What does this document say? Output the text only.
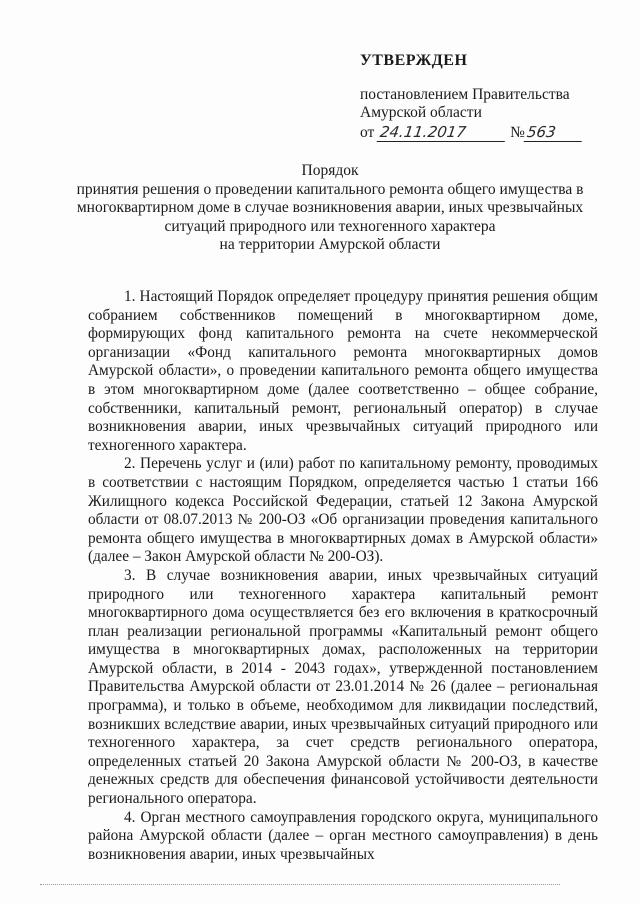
УТВЕРЖДЕН
постановлением Правительства
Амурской области
от 24.11.2017	№563
Порядок
принятия решения о проведении капитального ремонта общего имущества в
многоквартирном доме в случае возникновения аварии, иных чрезвычайных
ситуаций природного или техногенного характера
на территории Амурской области

1. Настоящий Порядок определяет процедуру принятия решения общим собранием собственников помещений в многоквартирном доме, формирующих фонд капитального ремонта на счете некоммерческой организации «Фонд капитального ремонта многоквартирных домов Амурской области», о проведении капитального ремонта общего имущества в этом многоквартирном доме (далее соответственно – общее собрание, собственники, капитальный ремонт, региональный оператор) в случае возникновения аварии, иных чрезвычайных ситуаций природного или техногенного характера.

2. Перечень услуг и (или) работ по капитальному ремонту, проводимых в соответствии с настоящим Порядком, определяется частью 1 статьи 166 Жилищного кодекса Российской Федерации, статьей 12 Закона Амурской области от 08.07.2013 № 200-ОЗ «Об организации проведения капитального ремонта общего имущества в многоквартирных домах в Амурской области» (далее – Закон Амурской области № 200-ОЗ).

3. В случае возникновения аварии, иных чрезвычайных ситуаций природного или техногенного характера капитальный ремонт многоквартирного дома осуществляется без его включения в краткосрочный план реализации региональной программы «Капитальный ремонт общего имущества в многоквартирных домах, расположенных на территории Амурской области, в 2014 - 2043 годах», утвержденной постановлением Правительства Амурской области от 23.01.2014 № 26 (далее – региональная программа), и только в объеме, необходимом для ликвидации последствий, возникших вследствие аварии, иных чрезвычайных ситуаций природного или техногенного характера, за счет средств регионального оператора, определенных статьей 20 Закона Амурской области № 200-ОЗ, в качестве денежных средств для обеспечения финансовой устойчивости деятельности регионального оператора.

4. Орган местного самоуправления городского округа, муниципального района Амурской области (далее – орган местного самоуправления) в день возникновения аварии, иных чрезвычайных
